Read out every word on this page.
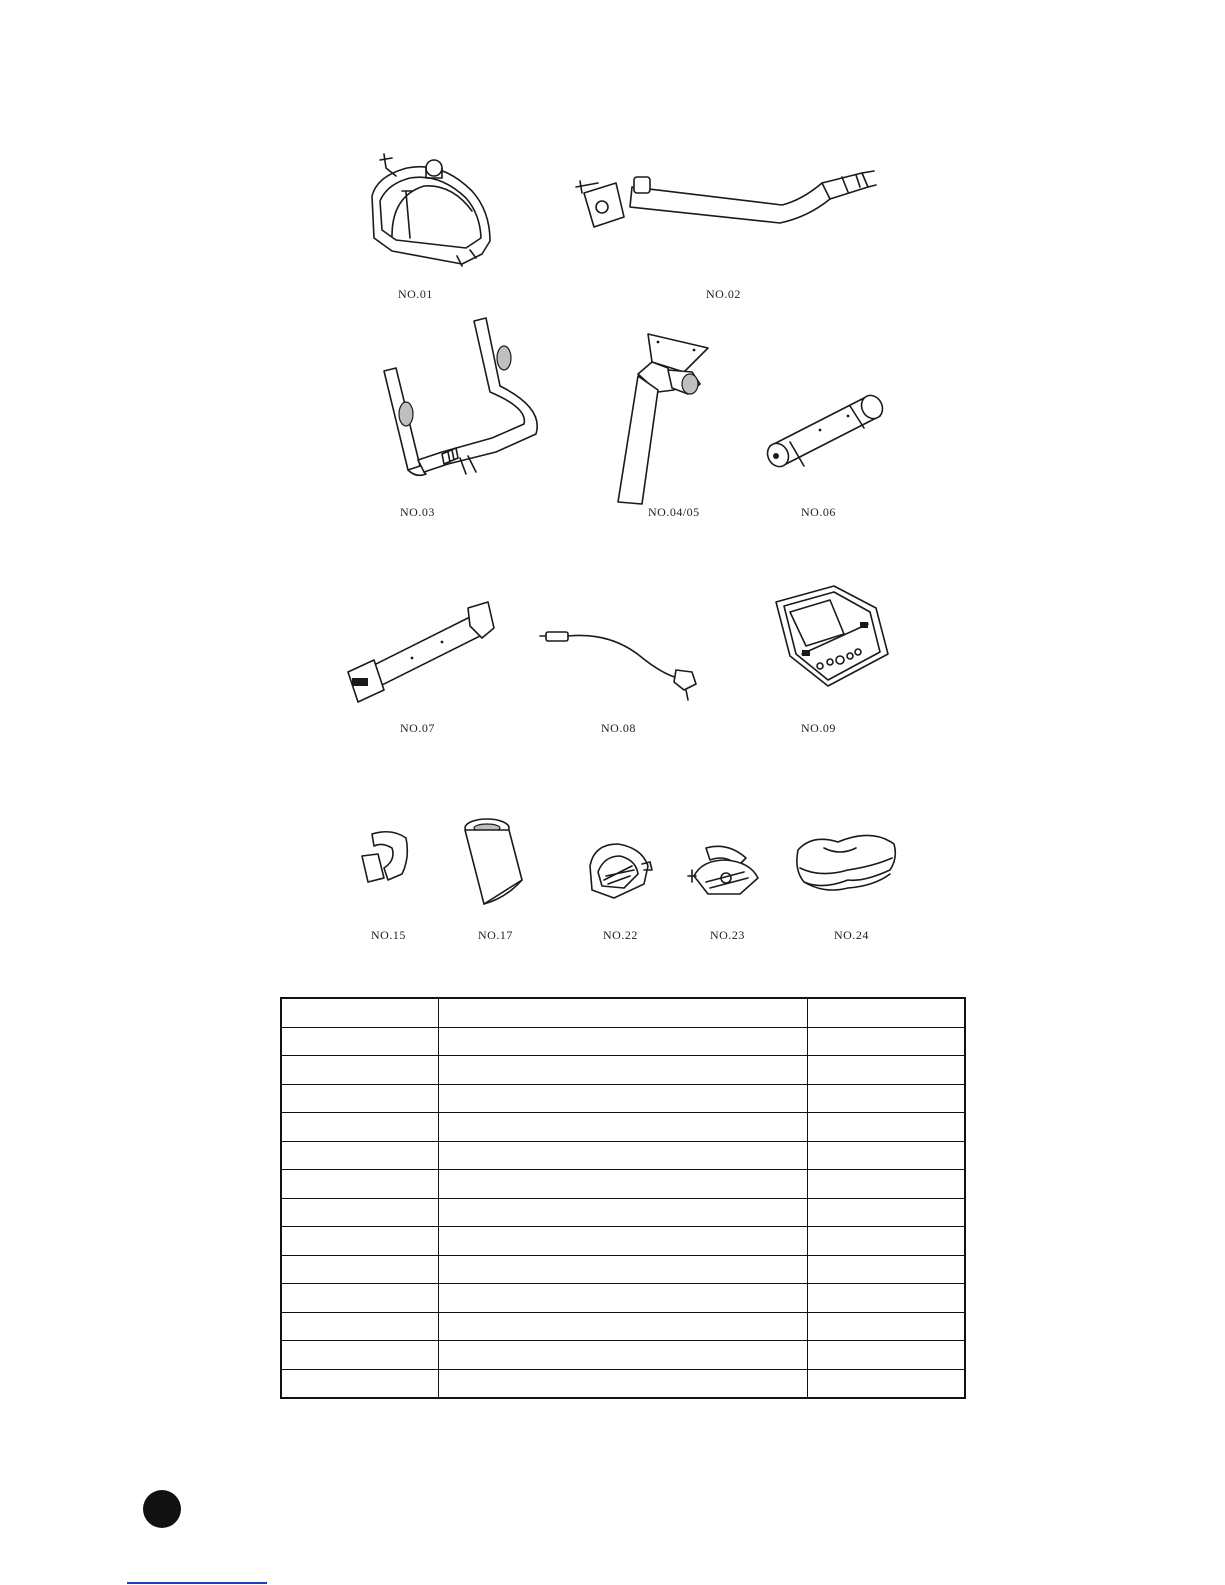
NO.01	NO.02
NO.03	NO.04/05	NO.06
NO.07	NO.08	NO.09
NO.15	NO.17	NO.22	NO.23	NO.24
